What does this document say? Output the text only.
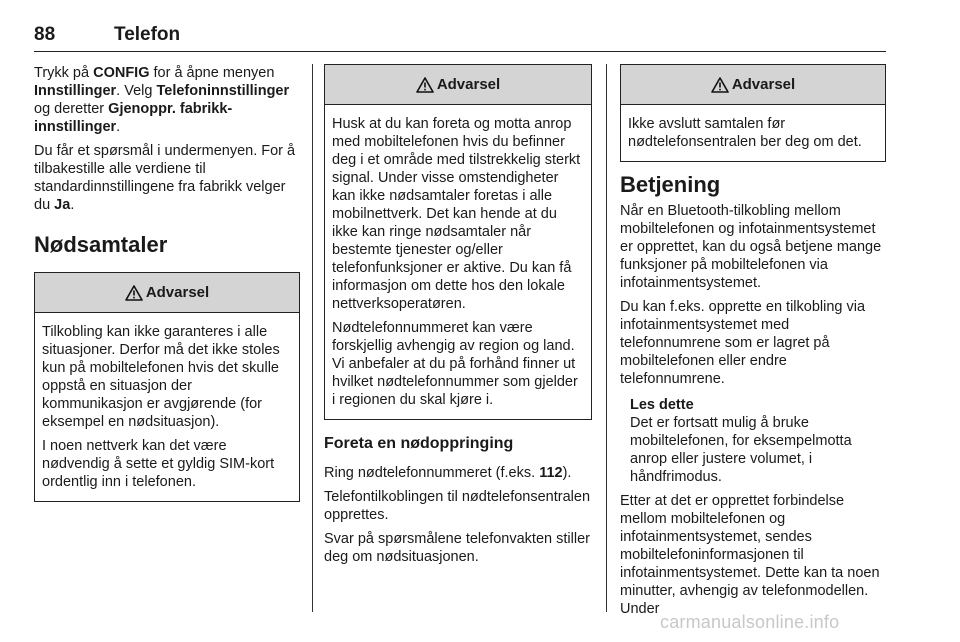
88	Telefon

Trykk på CONFIG for å åpne menyen Innstillinger. Velg Telefoninnstillinger og deretter Gjenoppr. fabrikk-innstillinger.

Du får et spørsmål i undermenyen. For å tilbakestille alle verdiene til standardinnstillingene fra fabrikk velger du Ja.

Nødsamtaler
Advarsel

Tilkobling kan ikke garanteres i alle situasjoner. Derfor må det ikke stoles kun på mobiltelefonen hvis det skulle oppstå en situasjon der kommunikasjon er avgjørende (for eksempel en nødsituasjon).

I noen nettverk kan det være nødvendig å sette et gyldig SIM-kort ordentlig inn i telefonen.

Advarsel

Husk at du kan foreta og motta anrop med mobiltelefonen hvis du befinner deg i et område med tilstrekkelig sterkt signal. Under visse omstendigheter kan ikke nødsamtaler foretas i alle mobilnettverk. Det kan hende at du ikke kan ringe nødsamtaler når bestemte tjenester og/eller telefonfunksjoner er aktive. Du kan få informasjon om dette hos den lokale nettverksoperatøren.

Nødtelefonnummeret kan være forskjellig avhengig av region og land. Vi anbefaler at du på forhånd finner ut hvilket nødtelefonnummer som gjelder i regionen du skal kjøre i.

Foreta en nødoppringing

Ring nødtelefonnummeret (f.eks. 112).

Telefontilkoblingen til nødtelefonsentralen opprettes.

Svar på spørsmålene telefonvakten stiller deg om nødsituasjonen.

Advarsel

Ikke avslutt samtalen før nødtelefonsentralen ber deg om det.

Betjening

Når en Bluetooth-tilkobling mellom mobiltelefonen og infotainmentsystemet er opprettet, kan du også betjene mange funksjoner på mobiltelefonen via infotainmentsystemet.

Du kan f.eks. opprette en tilkobling via infotainmentsystemet med telefonnumrene som er lagret på mobiltelefonen eller endre telefonnumrene.

Les dette

Det er fortsatt mulig å bruke mobiltelefonen, for eksempelmotta anrop eller justere volumet, i håndfrimodus.

Etter at det er opprettet forbindelse mellom mobiltelefonen og infotainmentsystemet, sendes mobiltelefoninformasjonen til infotainmentsystemet. Dette kan ta noen minutter, avhengig av telefonmodellen. Under

carmanualsonline.info
